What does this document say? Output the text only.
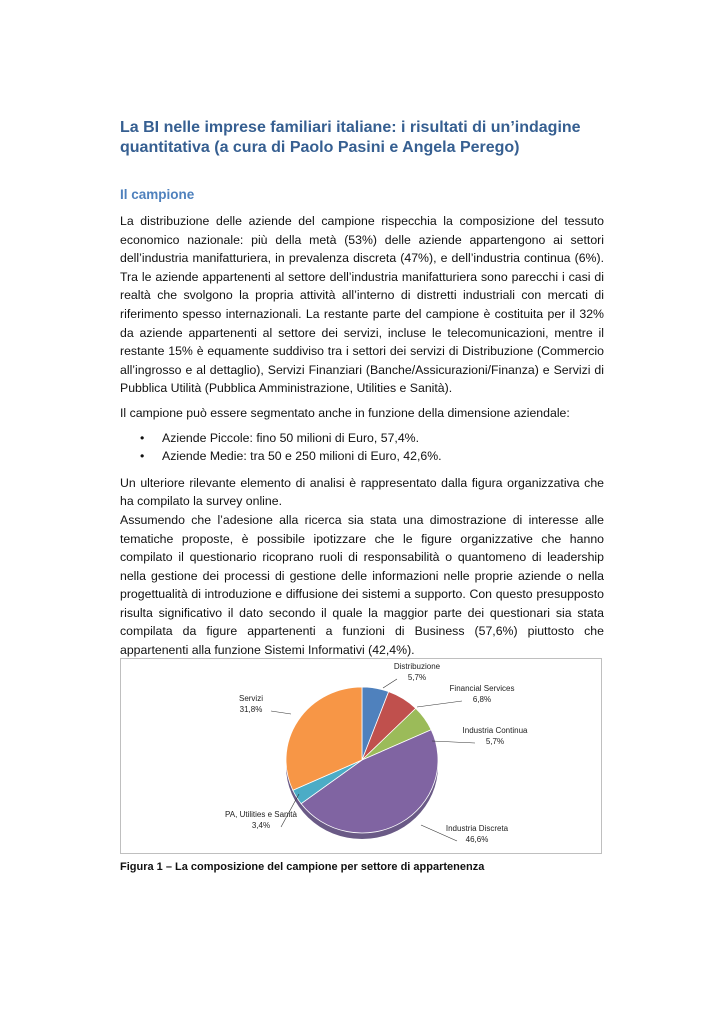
La BI nelle imprese familiari italiane: i risultati di un’indagine quantitativa (a cura di Paolo Pasini e Angela Perego)
Il campione

La distribuzione delle aziende del campione rispecchia la composizione del tessuto economico nazionale: più della metà (53%) delle aziende appartengono ai settori dell’industria manifatturiera, in prevalenza discreta (47%), e dell’industria continua (6%). Tra le aziende appartenenti al settore dell’industria manifatturiera sono parecchi i casi di realtà che svolgono la propria attività all’interno di distretti industriali con mercati di riferimento spesso internazionali. La restante parte del campione è costituita per il 32% da aziende appartenenti al settore dei servizi, incluse le telecomunicazioni, mentre il restante 15% è equamente suddiviso tra i settori dei servizi di Distribuzione (Commercio all’ingrosso e al dettaglio), Servizi Finanziari (Banche/Assicurazioni/Finanza) e Servizi di Pubblica Utilità (Pubblica Amministrazione, Utilities e Sanità).

Il campione può essere segmentato anche in funzione della dimensione aziendale:

• Aziende Piccole: fino 50 milioni di Euro, 57,4%.
• Aziende Medie: tra 50 e 250 milioni di Euro, 42,6%.

Un ulteriore rilevante elemento di analisi è rappresentato dalla figura organizzativa che ha compilato la survey online.

Assumendo che l’adesione alla ricerca sia stata una dimostrazione di interesse alle tematiche proposte, è possibile ipotizzare che le figure organizzative che hanno compilato il questionario ricoprano ruoli di responsabilità o quantomeno di leadership nella gestione dei processi di gestione delle informazioni nelle proprie aziende o nella progettualità di introduzione e diffusione dei sistemi a supporto. Con questo presupposto risulta significativo il dato secondo il quale la maggior parte dei questionari sia stata compilata da figure appartenenti a funzioni di Business (57,6%) piuttosto che appartenenti alla funzione Sistemi Informativi (42,4%).

Distribuzione
5,7%
Financial Services
6,8%
Industria Continua
5,7%
Industria Discreta
46,6%
PA, Utilities e Sanità
3,4%
Servizi
31,8%
Figura 1 – La composizione del campione per settore di appartenenza
